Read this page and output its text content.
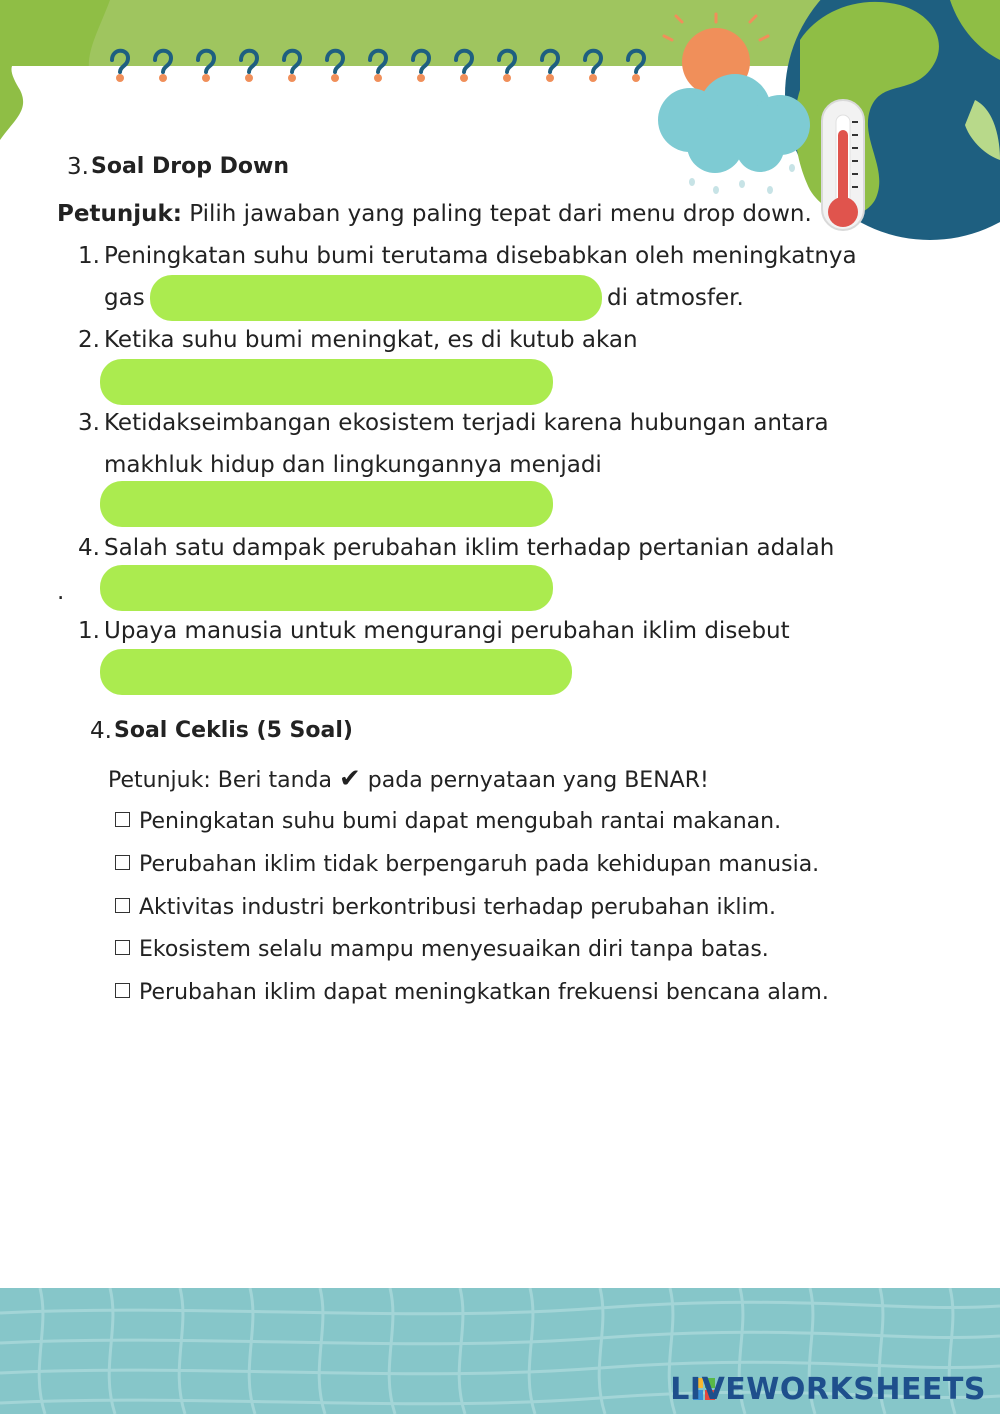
3. Soal Drop Down
Petunjuk: Pilih jawaban yang paling tepat dari menu drop down.
1. Peningkatan suhu bumi terutama disebabkan oleh meningkatnya
gas	di atmosfer.
2. Ketika suhu bumi meningkat, es di kutub akan
3. Ketidakseimbangan ekosistem terjadi karena hubungan antara
makhluk hidup dan lingkungannya menjadi
4. Salah satu dampak perubahan iklim terhadap pertanian adalah
.
1. Upaya manusia untuk mengurangi perubahan iklim disebut
4. Soal Ceklis (5 Soal)
Petunjuk: Beri tanda ✔ pada pernyataan yang BENAR!
Peningkatan suhu bumi dapat mengubah rantai makanan.
Perubahan iklim tidak berpengaruh pada kehidupan manusia.
Aktivitas industri berkontribusi terhadap perubahan iklim.
Ekosistem selalu mampu menyesuaikan diri tanpa batas.
Perubahan iklim dapat meningkatkan frekuensi bencana alam.
LIVEWORKSHEETS
